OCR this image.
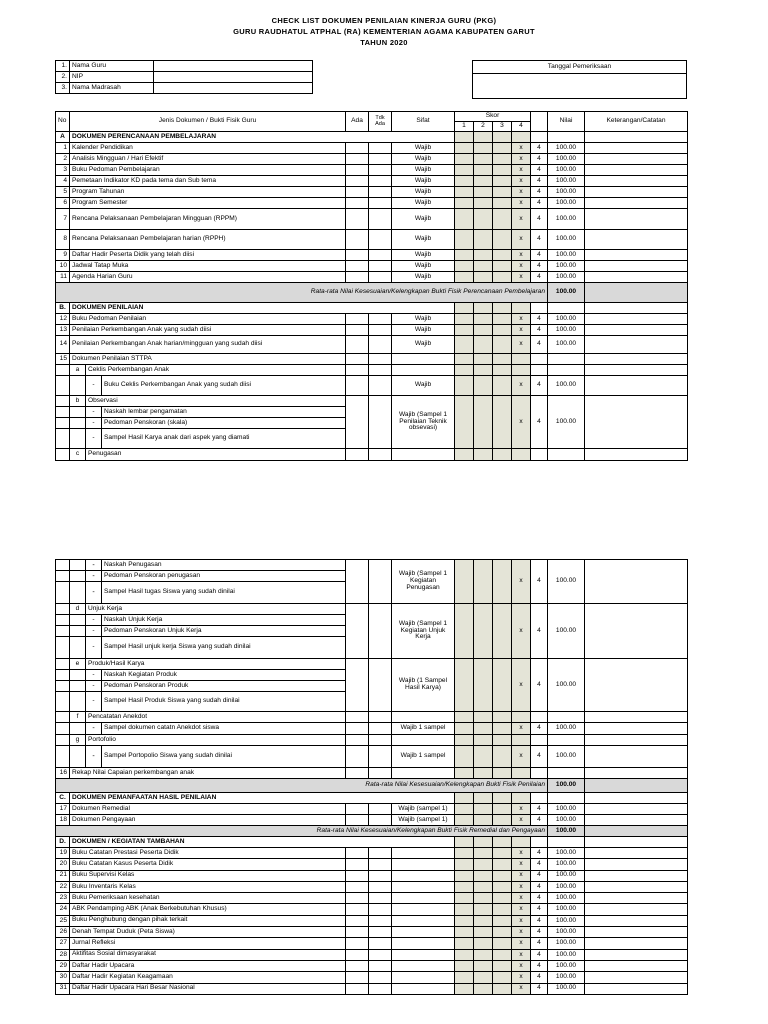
CHECK LIST DOKUMEN PENILAIAN KINERJA GURU (PKG)
GURU RAUDHATUL ATPHAL (RA) KEMENTERIAN AGAMA KABUPATEN GARUT
TAHUN 2020
1.	Nama Guru	
2.	NIP	
3.	Nama Madrasah	
Tanggal Pemeriksaan

No	Jenis Dokumen / Bukti Fisik Guru			Ada	Tdk Ada	Sifat	Skor					Nilai	Keterangan/Catatan
							1	2	3	4			
A	DOKUMEN PERENCANAAN PEMBELAJARAN												
1	Kalender Pendidikan					Wajib				x	4	100.00	
2	Analisis Mingguan / Hari Efektif					Wajib				x	4	100.00	
3	Buku Pedoman Pembelajaran					Wajib				x	4	100.00	
4	Pemetaan Indikator KD pada tema dan Sub tema					Wajib				x	4	100.00	
5	Program Tahunan					Wajib				x	4	100.00	
6	Program Semester					Wajib				x	4	100.00	
7	Rencana Pelaksanaan Pembelajaran Mingguan (RPPM)					Wajib				x	4	100.00	
8	Rencana Pelaksanaan Pembelajaran harian (RPPH)					Wajib				x	4	100.00	
9	Daftar Hadir Peserta Didik yang telah diisi					Wajib				x	4	100.00	
10	Jadwal Tatap Muka					Wajib				x	4	100.00	
11	Agenda Harian Guru					Wajib				x	4	100.00	
Rata-rata Nilai Kesesuaian/Kelengkapan Bukti Fisik Perencanaan Pembelajaran												100.00	
B.	DOKUMEN PENILAIAN												
12	Buku Pedoman Penilaian					Wajib				x	4	100.00	
13	Penilaian Perkembangan Anak yang sudah diisi					Wajib				x	4	100.00	
14	Penilaian Perkembangan Anak harian/mingguan yang sudah diisi					Wajib				x	4	100.00	
15	Dokumen Penilaian STTPA												
	a	Ceklis Perkembangan Anak											
		-	Buku Ceklis Perkembangan Anak yang sudah diisi			Wajib				x	4	100.00	
	b	Observasi				Wajib (Sampel 1 Penilaian Teknik obsevasi)				x	4	100.00	
		-	Naskah lembar pengamatan										
		-	Pedoman Penskoran (skala)										
		-	Sampel Hasil Karya anak dari aspek yang diamati										
	c	Penugasan											
		-	Naskah Penugasan			Wajib (Sampel 1 Kegiatan Penugasan				x	4	100.00	
		-	Pedoman Penskoran penugasan										
		-	Sampel Hasil tugas Siswa yang sudah dinilai										
	d	Unjuk Kerja				Wajib (Sampel 1 Kegiatan Unjuk Kerja				x	4	100.00	
		-	Naskah Unjuk Kerja										
		-	Pedoman Penskoran Unjuk Kerja										
		-	Sampel Hasil unjuk kerja Siswa yang sudah dinilai										
	e	Produk/Hasil Karya				Wajib (1 Sampel Hasil Karya)				x	4	100.00	
		-	Naskah Kegiatan Produk										
		-	Pedoman Penskoran Produk										
		-	Sampel Hasil Produk Siswa yang sudah dinilai										
	f	Pencatatan Anekdot											
		-	Sampel dokumen catatn Anekdot siswa			Wajib 1 sampel				x	4	100.00	
	g	Portofolio											
		-	Sampel Portopolio Siswa yang sudah dinilai			Wajib 1 sampel				x	4	100.00	
16	Rekap Nilai Capaian perkembangan anak												
Rata-rata Nilai Kesesuaian/Kelengkapan Bukti Fisik Penilaian												100.00	
C.	DOKUMEN PEMANFAATAN HASIL PENILAIAN												
17	Dokumen Remedial					Wajib (sampel 1)				x	4	100.00	
18	Dokumen Pengayaan					Wajib (sampel 1)				x	4	100.00	
Rata-rata Nilai Kesesuaian/Kelengkapan Bukti Fisik Remedial dan Pengayaan												100.00	
D.	DOKUMEN / KEGIATAN TAMBAHAN												
19	Buku Catatan Prestasi Peserta Didik									x	4	100.00	
20	Buku Catatan Kasus Peserta Didik									x	4	100.00	
21	Buku Supervisi Kelas									x	4	100.00	
22	Buku Inventaris Kelas									x	4	100.00	
23	Buku Pemeriksaan kesehatan									x	4	100.00	
24	ABK Pendamping ABK (Anak Berkebutuhan Khusus)									x	4	100.00	
25	Buku Penghubung dengan pihak terkait									x	4	100.00	
26	Denah Tempat Duduk (Peta Siswa)									x	4	100.00	
27	Jurnal Refleksi									x	4	100.00	
28	Aktifitas Sosial dimasyarakat									x	4	100.00	
29	Daftar Hadir Upacara									x	4	100.00	
30	Daftar Hadir Kegiatan Keagamaan									x	4	100.00	
31	Daftar Hadir Upacara Hari Besar Nasional									x	4	100.00	
